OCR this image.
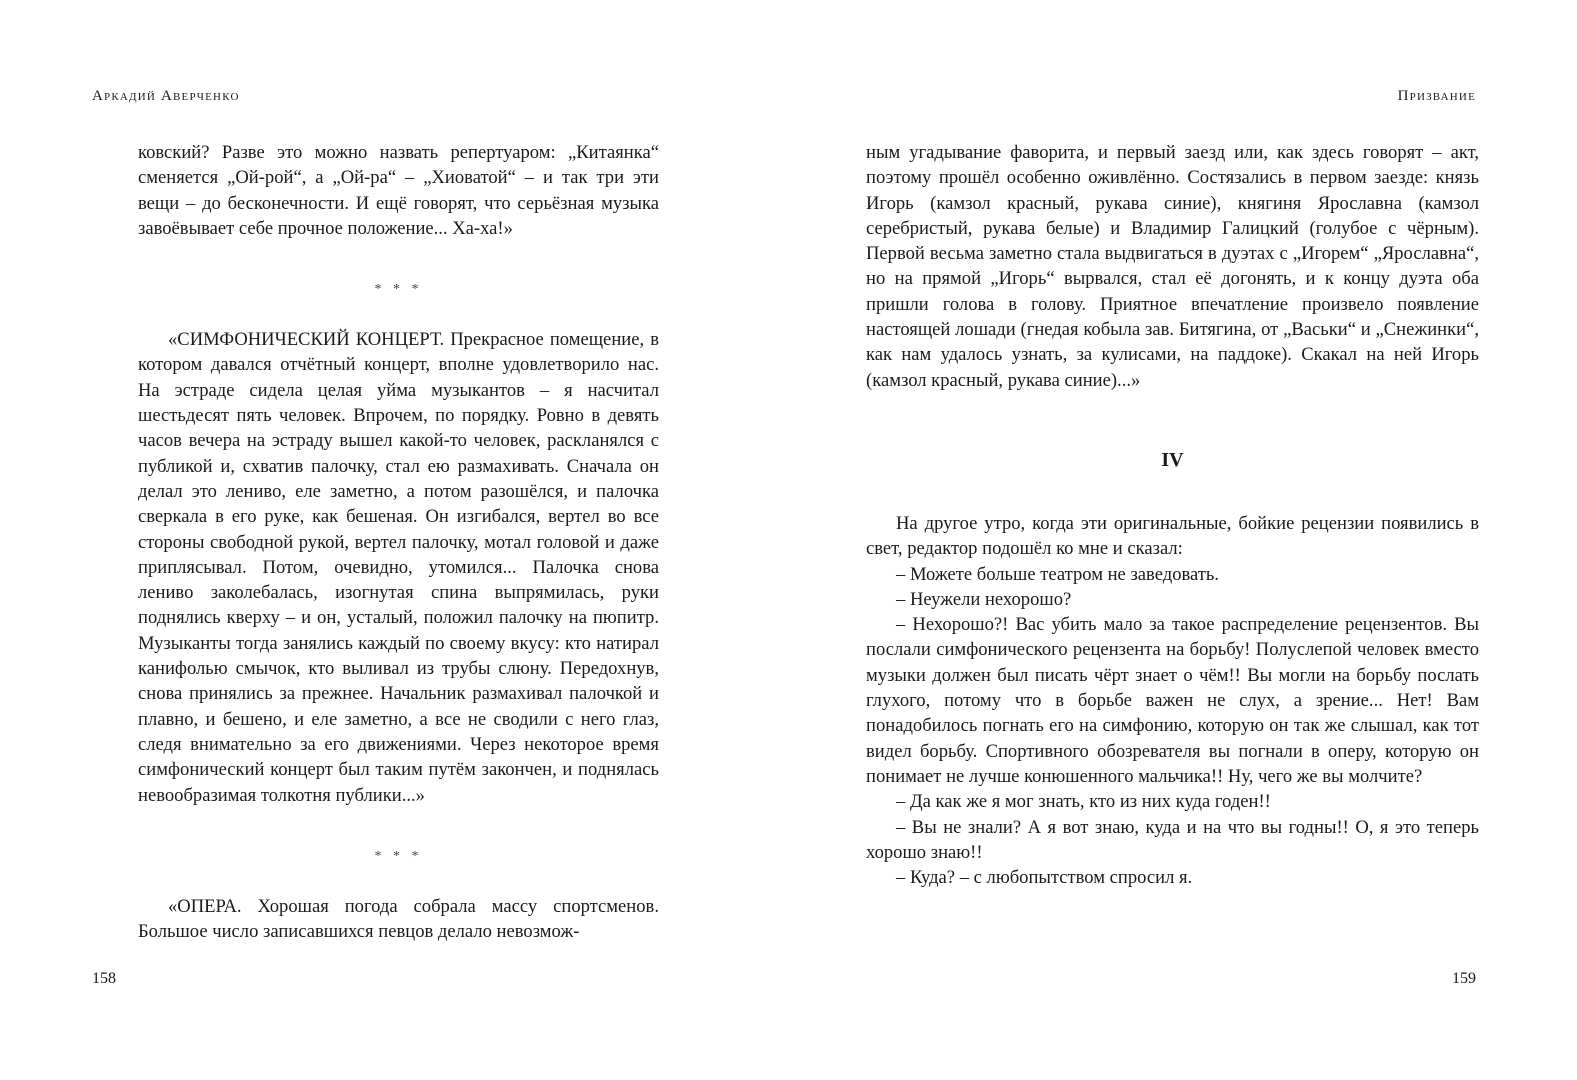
Аркадий Аверченко

ковский? Разве это можно назвать репертуаром: „Китаянка“ сменяется „Ой-рой“, а „Ой-ра“ – „Хиоватой“ – и так три эти вещи – до бесконечности. И ещё говорят, что серьёзная музыка завоёвывает себе прочное положение... Ха-ха!»

* * *

«СИМФОНИЧЕСКИЙ КОНЦЕРТ. Прекрасное помещение, в котором давался отчётный концерт, вполне удовлетворило нас. На эстраде сидела целая уйма музыкантов – я насчитал шестьдесят пять человек. Впрочем, по порядку. Ровно в девять часов вечера на эстраду вышел какой-то человек, раскланялся с публикой и, схватив палочку, стал ею размахивать. Сначала он делал это лениво, еле заметно, а потом разошёлся, и палочка сверкала в его руке, как бешеная. Он изгибался, вертел во все стороны свободной рукой, вертел палочку, мотал головой и даже приплясывал. Потом, очевидно, утомился... Палочка снова лениво заколебалась, изогнутая спина выпрямилась, руки поднялись кверху – и он, усталый, положил палочку на пюпитр. Музыканты тогда занялись каждый по своему вкусу: кто натирал канифолью смычок, кто выливал из трубы слюну. Передохнув, снова принялись за прежнее. Начальник размахивал палочкой и плавно, и бешено, и еле заметно, а все не сводили с него глаз, следя внимательно за его движениями. Через некоторое время симфонический концерт был таким путём закончен, и поднялась невообразимая толкотня публики...»

* * *

«ОПЕРА. Хорошая погода собрала массу спортсменов. Большое число записавшихся певцов делало невозмож-

158
Призвание

ным угадывание фаворита, и первый заезд или, как здесь говорят – акт, поэтому прошёл особенно оживлённо. Состязались в первом заезде: князь Игорь (камзол красный, рукава синие), княгиня Ярославна (камзол серебристый, рукава белые) и Владимир Галицкий (голубое с чёрным). Первой весьма заметно стала выдвигаться в дуэтах с „Игорем“ „Ярославна“, но на прямой „Игорь“ вырвался, стал её догонять, и к концу дуэта оба пришли голова в голову. Приятное впечатление произвело появление настоящей лошади (гнедая кобыла зав. Битягина, от „Васьки“ и „Снежинки“, как нам удалось узнать, за кулисами, на паддоке). Скакал на ней Игорь (камзол красный, рукава синие)...»

IV

На другое утро, когда эти оригинальные, бойкие рецензии появились в свет, редактор подошёл ко мне и сказал:

– Можете больше театром не заведовать.

– Неужели нехорошо?

– Нехорошо?! Вас убить мало за такое распределение рецензентов. Вы послали симфонического рецензента на борьбу! Полуслепой человек вместо музыки должен был писать чёрт знает о чём!! Вы могли на борьбу послать глухого, потому что в борьбе важен не слух, а зрение... Нет! Вам понадобилось погнать его на симфонию, которую он так же слышал, как тот видел борьбу. Спортивного обозревателя вы погнали в оперу, которую он понимает не лучше конюшенного мальчика!! Ну, чего же вы молчите?

– Да как же я мог знать, кто из них куда годен!!

– Вы не знали? А я вот знаю, куда и на что вы годны!! О, я это теперь хорошо знаю!!

– Куда? – с любопытством спросил я.

159
